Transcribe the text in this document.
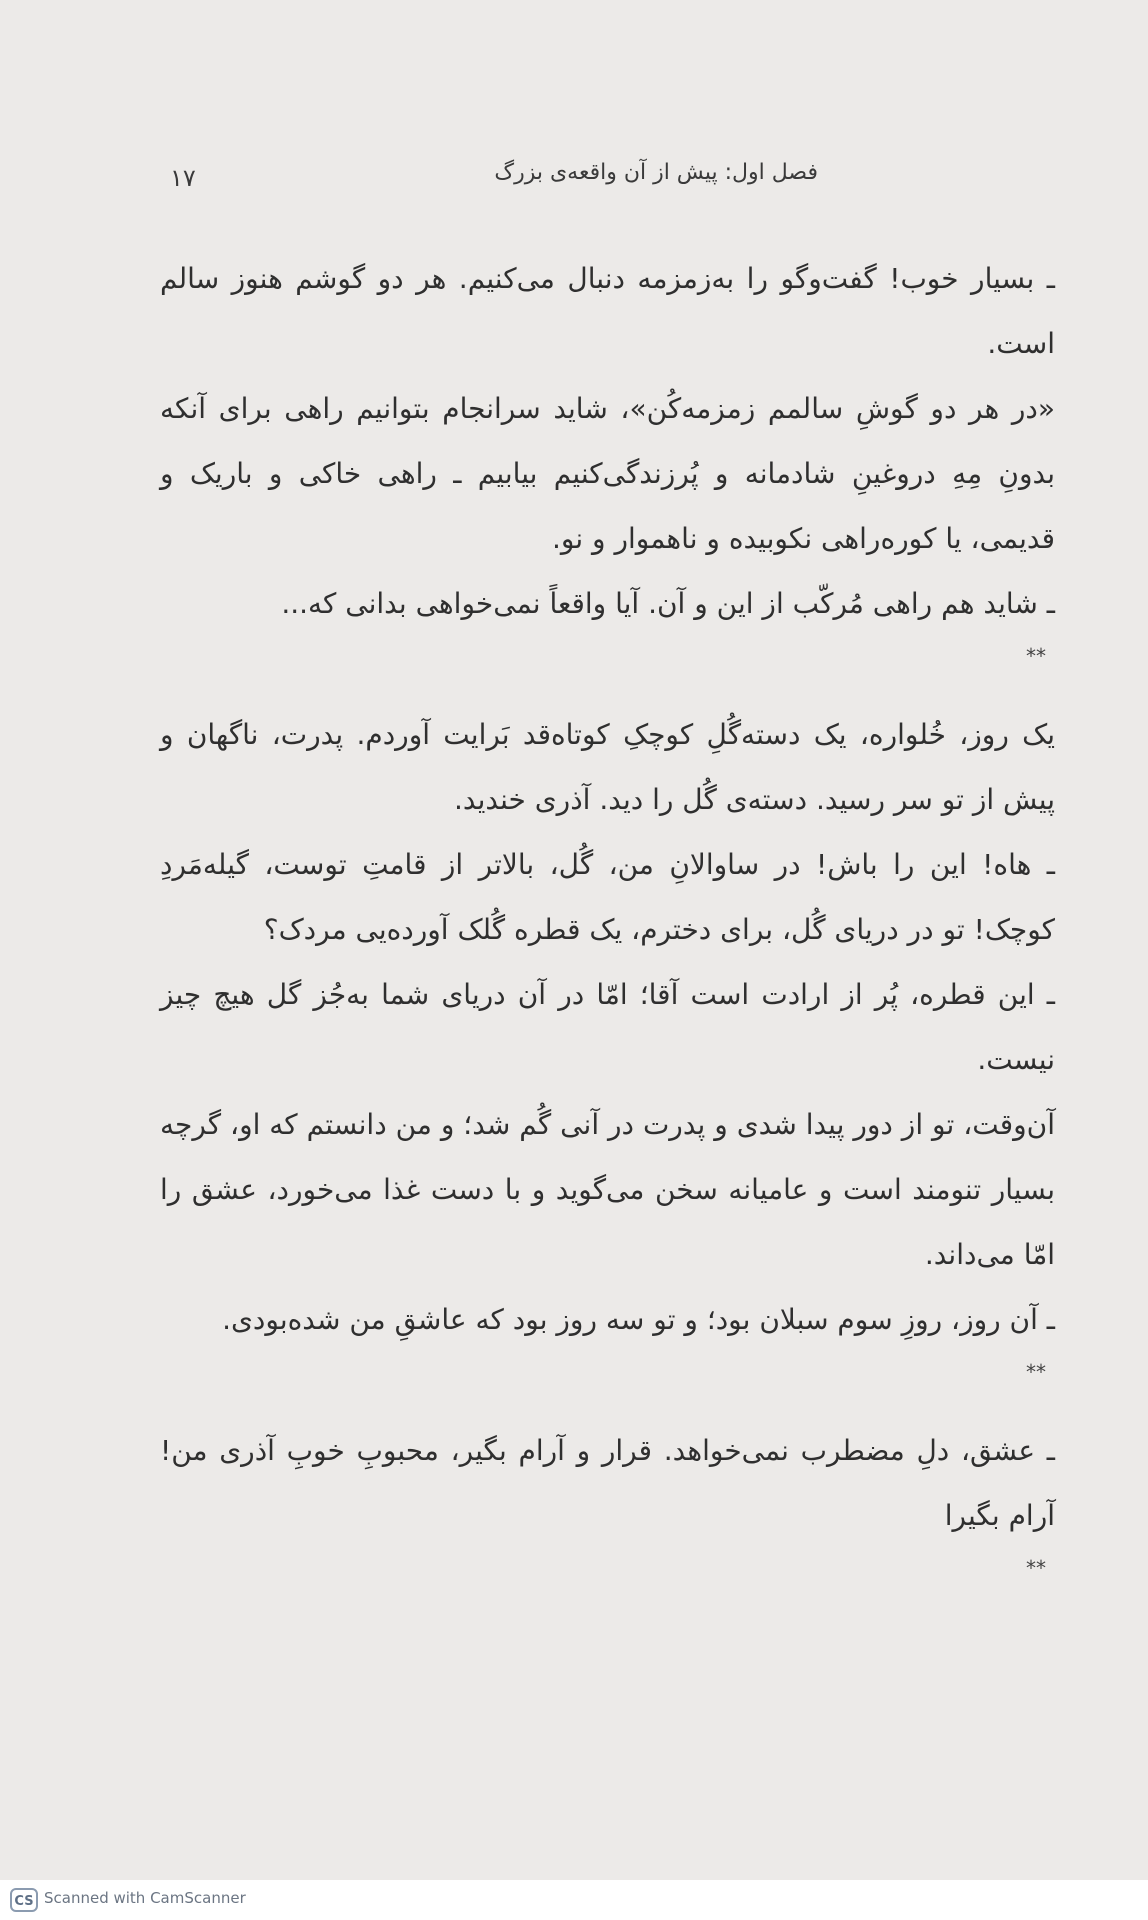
فصل اول: پیش از آن واقعه‌ی بزرگ
۱۷

ـ بسیار خوب! گفت‌وگو را به‌زمزمه دنبال می‌کنیم. هر دو گوشم هنوز سالم است.

«در هر دو گوشِ سالمم زمزمه‌کُن»، شاید سرانجام بتوانیم راهی برای آنکه بدونِ مِهِ دروغینِ شادمانه و پُرزندگی‌کنیم بیابیم ـ راهی خاکی و باریک و قدیمی، یا کوره‌راهی نکوبیده و ناهموار و نو.

ـ شاید هم راهی مُرکّب از این و آن. آیا واقعاً نمی‌خواهی بدانی که...

**

یک روز، خُلواره، یک دسته‌گُلِ کوچکِ کوتاه‌قد بَرایت آوردم. پدرت، ناگهان و پیش از تو سر رسید. دسته‌ی گُل را دید. آذری خندید.

ـ هاه! این را باش! در ساوالانِ من، گُل، بالاتر از قامتِ توست، گیله‌مَردِ کوچک! تو در دریای گُل، برای دخترم، یک قطره گُلک آورده‌یی مردک؟

ـ این قطره، پُر از ارادت است آقا؛ امّا در آن دریای شما به‌جُز گل هیچ چیز نیست.

آن‌وقت، تو از دور پیدا شدی و پدرت در آنی گُم شد؛ و من دانستم که او، گرچه بسیار تنومند است و عامیانه سخن می‌گوید و با دست غذا می‌خورد، عشق را امّا می‌داند.

ـ آن روز، روزِ سوم سبلان بود؛ و تو سه روز بود که عاشقِ من شده‌بودی.

**

ـ عشق، دلِ مضطرب نمی‌خواهد. قرار و آرام بگیر، محبوبِ خوبِ آذری من! آرام بگیرا

**
CS Scanned with CamScanner
